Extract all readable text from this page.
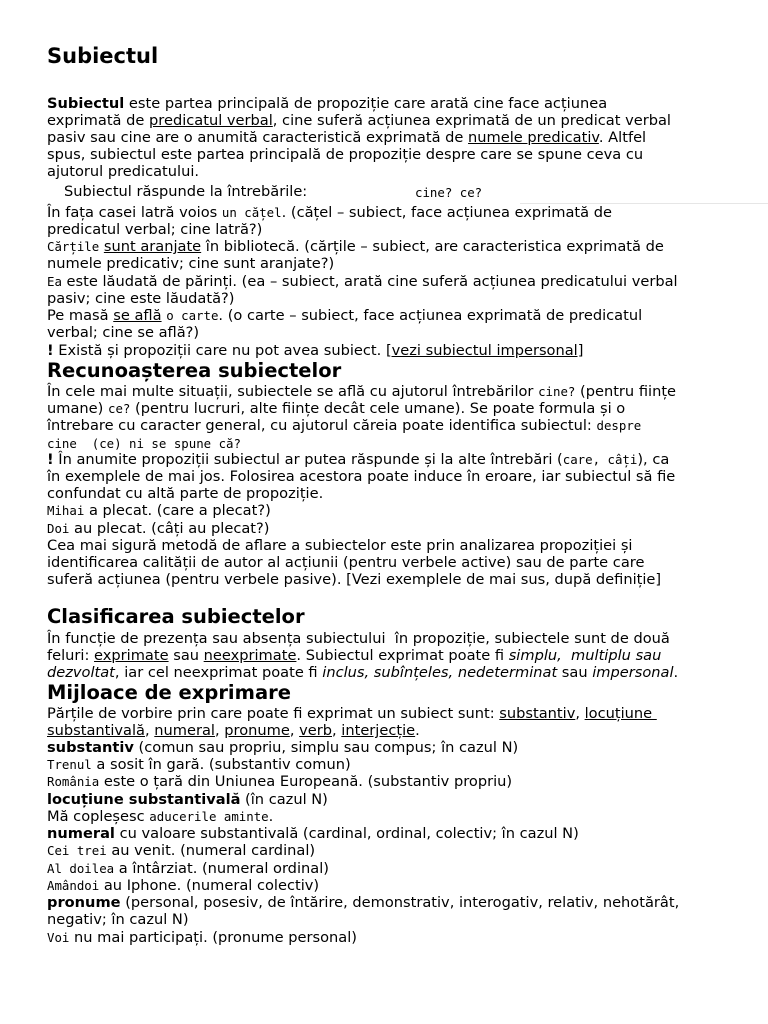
Subiectul
Subiectul este partea principală de propoziție care arată cine face acțiunea
exprimată de predicatul verbal, cine suferă acțiunea exprimată de un predicat verbal
pasiv sau cine are o anumită caracteristică exprimată de numele predicativ. Altfel
spus, subiectul este partea principală de propoziție despre care se spune ceva cu
ajutorul predicatului.
Subiectul răspunde la întrebările:	cine? ce?
În fața casei latră voios un cățel. (cățel – subiect, face acțiunea exprimată de
predicatul verbal; cine latră?)
Cărțile sunt aranjate în bibliotecă. (cărțile – subiect, are caracteristica exprimată de
numele predicativ; cine sunt aranjate?)
Ea este lăudată de părinți. (ea – subiect, arată cine suferă acțiunea predicatului verbal
pasiv; cine este lăudată?)
Pe masă se află o carte. (o carte – subiect, face acțiunea exprimată de predicatul
verbal; cine se află?)
! Există și propoziții care nu pot avea subiect. [vezi subiectul impersonal]
Recunoașterea subiectelor
În cele mai multe situații, subiectele se află cu ajutorul întrebărilor cine? (pentru ființe
umane) ce? (pentru lucruri, alte ființe decât cele umane). Se poate formula și o
întrebare cu caracter general, cu ajutorul căreia poate identifica subiectul: despre
cine  (ce) ni se spune că?
! În anumite propoziții subiectul ar putea răspunde și la alte întrebări (care, câți), ca
în exemplele de mai jos. Folosirea acestora poate induce în eroare, iar subiectul să fie
confundat cu altă parte de propoziție.
Mihai a plecat. (care a plecat?)
Doi au plecat. (câți au plecat?)
Cea mai sigură metodă de aflare a subiectelor este prin analizarea propoziției și
identificarea calității de autor al acțiunii (pentru verbele active) sau de parte care
suferă acțiunea (pentru verbele pasive). [Vezi exemplele de mai sus, după definiție]
Clasificarea subiectelor
În funcție de prezența sau absența subiectului  în propoziție, subiectele sunt de două
feluri: exprimate sau neexprimate. Subiectul exprimat poate fi simplu,  multiplu sau
dezvoltat, iar cel neexprimat poate fi inclus, subînțeles, nedeterminat sau impersonal.
Mijloace de exprimare
Părțile de vorbire prin care poate fi exprimat un subiect sunt: substantiv, locuțiune
substantivală, numeral, pronume, verb, interjecție.
substantiv (comun sau propriu, simplu sau compus; în cazul N)
Trenul a sosit în gară. (substantiv comun)
România este o țară din Uniunea Europeană. (substantiv propriu)
locuțiune substantivală (în cazul N)
Mă copleșesc aducerile aminte.
numeral cu valoare substantivală (cardinal, ordinal, colectiv; în cazul N)
Cei trei au venit. (numeral cardinal)
Al doilea a întârziat. (numeral ordinal)
Amândoi au Iphone. (numeral colectiv)
pronume (personal, posesiv, de întărire, demonstrativ, interogativ, relativ, nehotărât,
negativ; în cazul N)
Voi nu mai participați. (pronume personal)
